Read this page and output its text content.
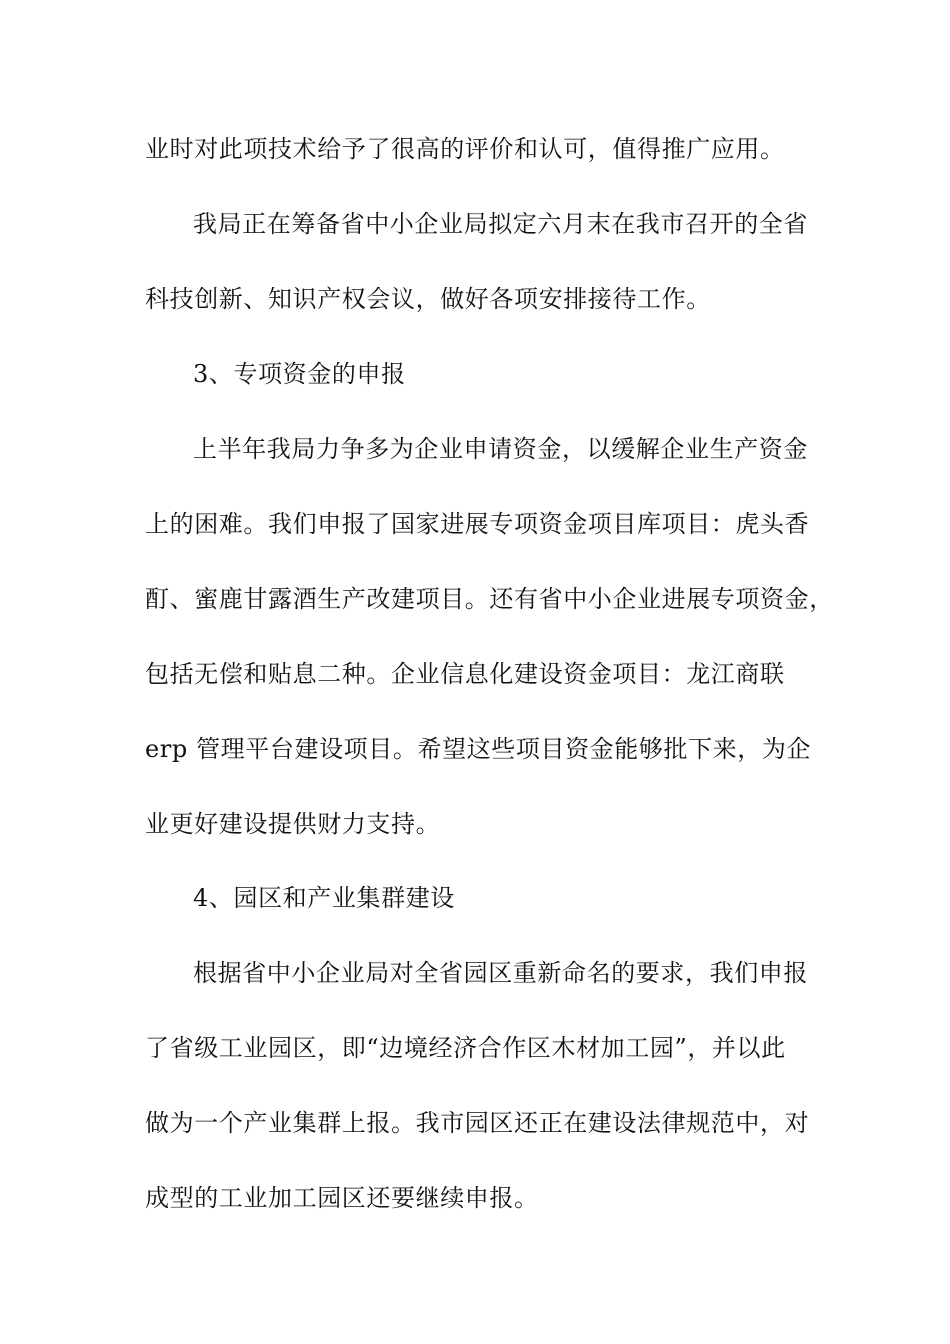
业时对此项技术给予了很高的评价和认可，值得推广应用。
我局正在筹备省中小企业局拟定六月末在我市召开的全省
科技创新、知识产权会议，做好各项安排接待工作。
3、专项资金的申报
上半年我局力争多为企业申请资金，以缓解企业生产资金
上的困难。我们申报了国家进展专项资金项目库项目：虎头香
酊、蜜鹿甘露酒生产改建项目。还有省中小企业进展专项资金，
包括无偿和贴息二种。企业信息化建设资金项目：龙江商联
erp 管理平台建设项目。希望这些项目资金能够批下来，为企
业更好建设提供财力支持。
4、园区和产业集群建设
根据省中小企业局对全省园区重新命名的要求，我们申报
了省级工业园区，即“边境经济合作区木材加工园”，并以此
做为一个产业集群上报。我市园区还正在建设法律规范中，对
成型的工业加工园区还要继续申报。
